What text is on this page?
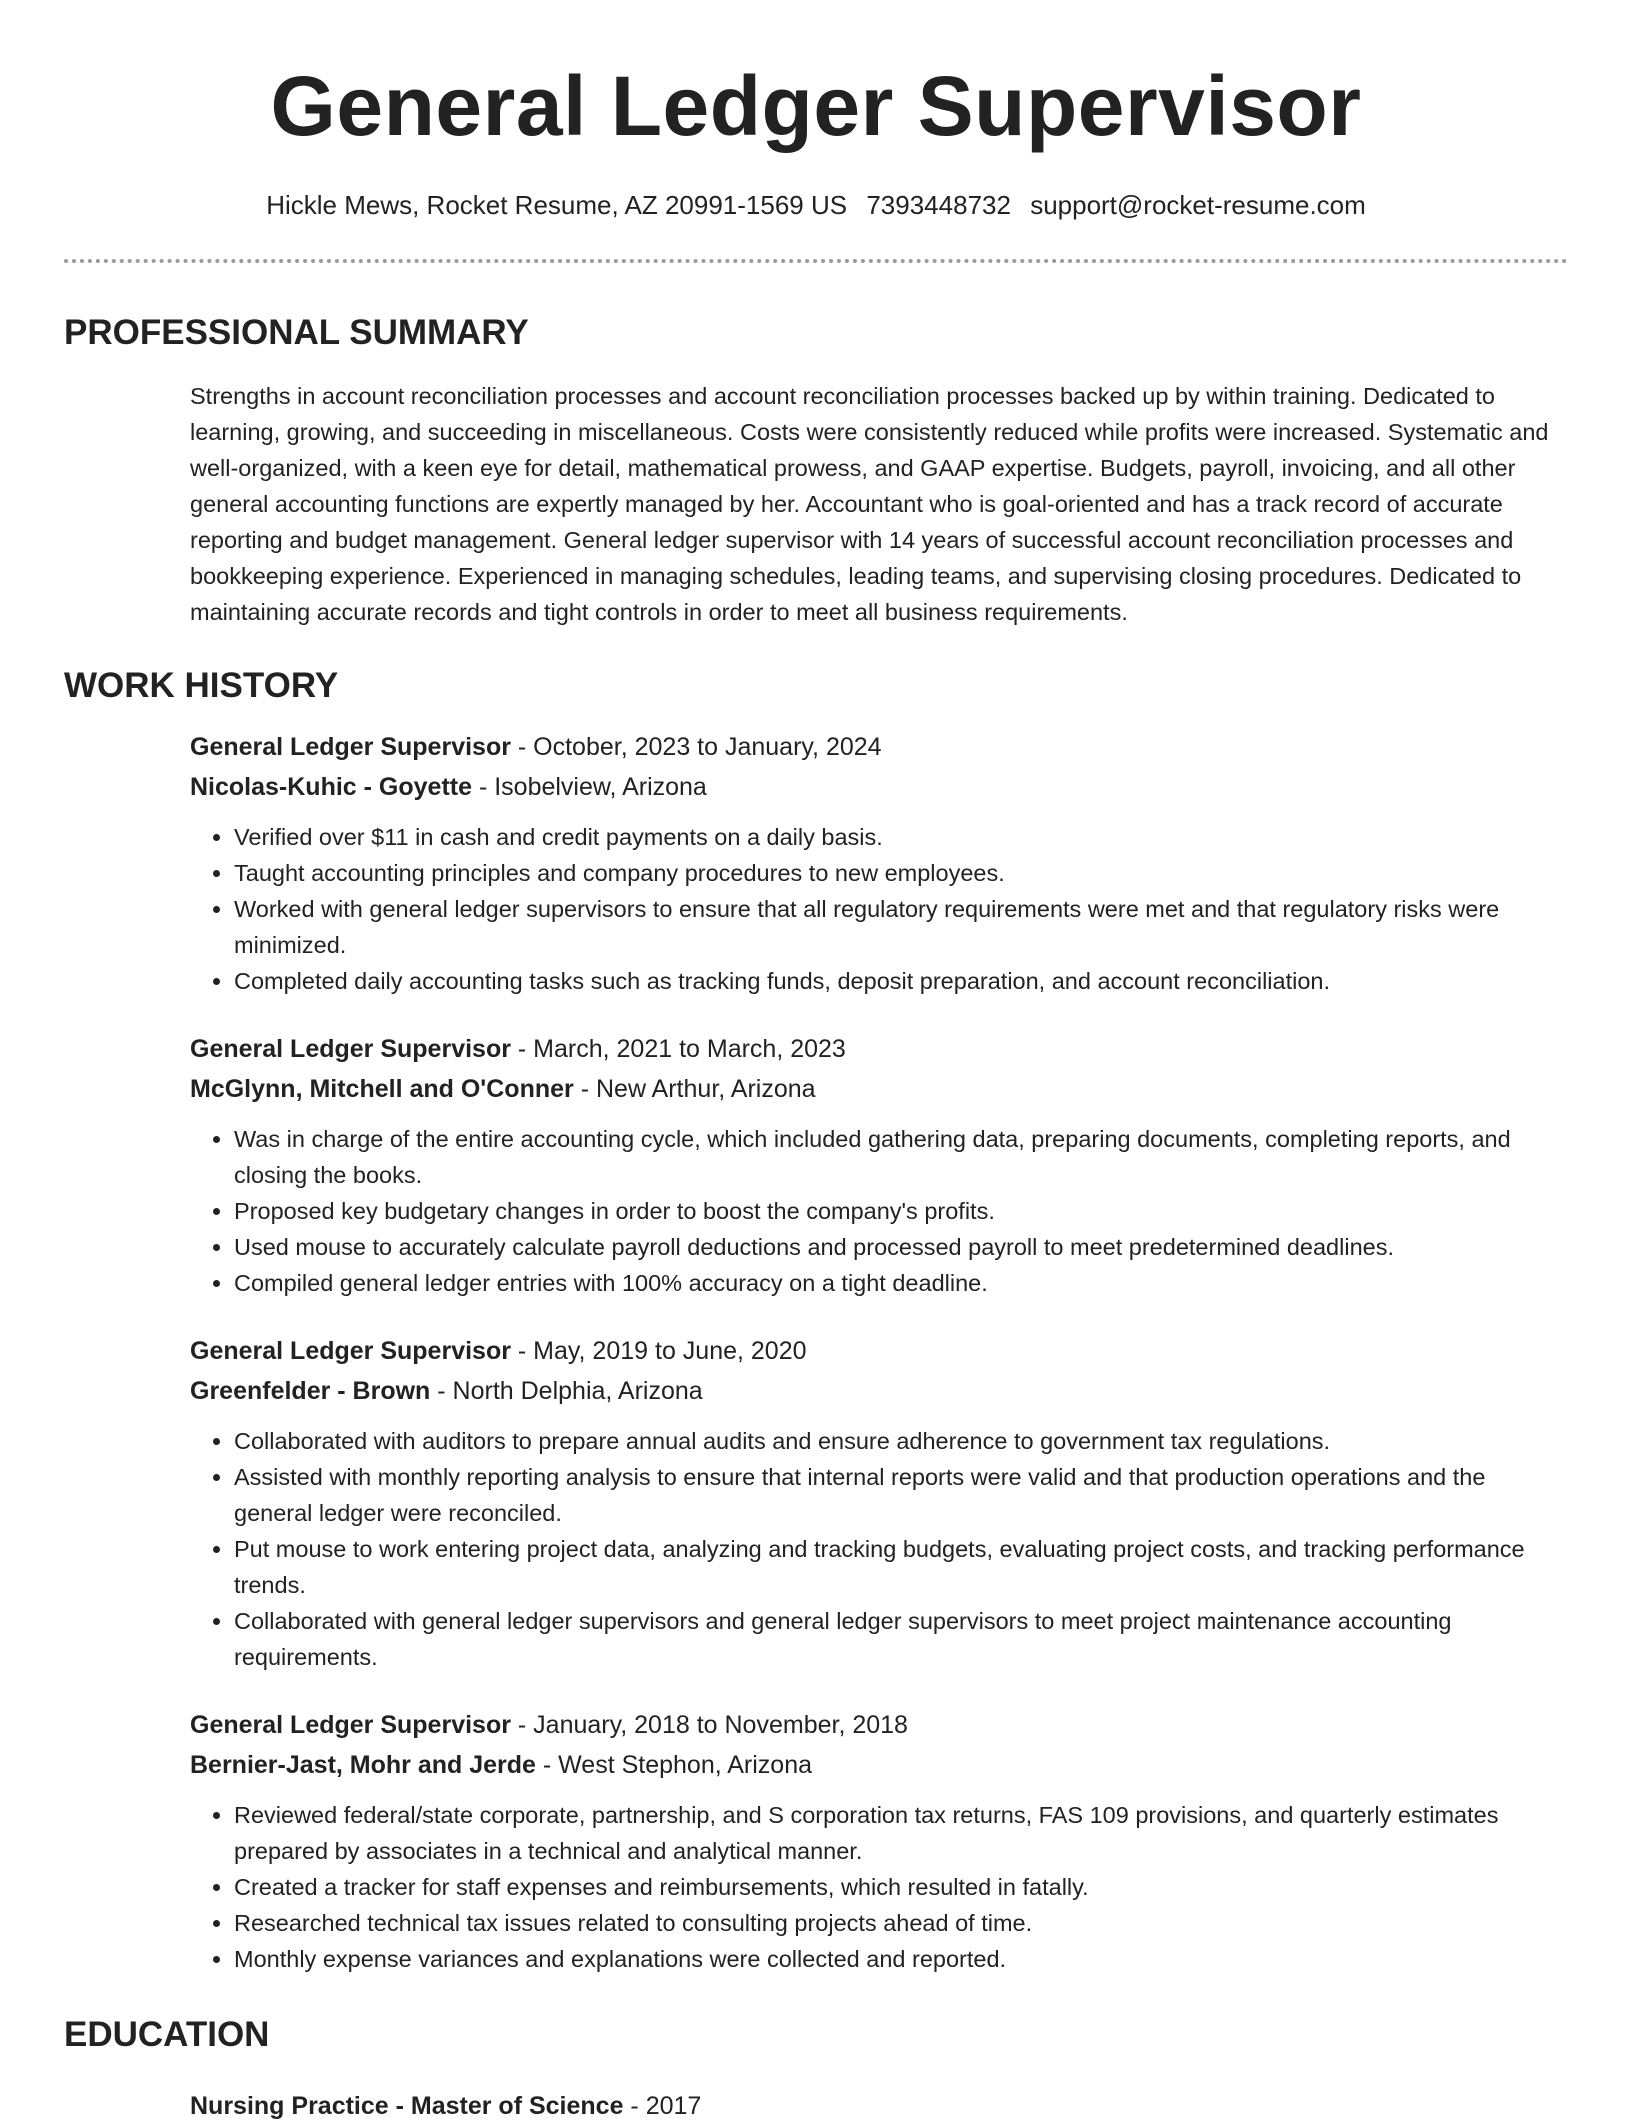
General Ledger Supervisor
Hickle Mews, Rocket Resume, AZ 20991-1569 US 7393448732 support@rocket-resume.com
PROFESSIONAL SUMMARY

Strengths in account reconciliation processes and account reconciliation processes backed up by within training. Dedicated to learning, growing, and succeeding in miscellaneous. Costs were consistently reduced while profits were increased. Systematic and well-organized, with a keen eye for detail, mathematical prowess, and GAAP expertise. Budgets, payroll, invoicing, and all other general accounting functions are expertly managed by her. Accountant who is goal-oriented and has a track record of accurate reporting and budget management. General ledger supervisor with 14 years of successful account reconciliation processes and bookkeeping experience. Experienced in managing schedules, leading teams, and supervising closing procedures. Dedicated to maintaining accurate records and tight controls in order to meet all business requirements.

WORK HISTORY
General Ledger Supervisor - October, 2023 to January, 2024
Nicolas-Kuhic - Goyette - Isobelview, Arizona
• Verified over $11 in cash and credit payments on a daily basis.
• Taught accounting principles and company procedures to new employees.
• Worked with general ledger supervisors to ensure that all regulatory requirements were met and that regulatory risks were minimized.
• Completed daily accounting tasks such as tracking funds, deposit preparation, and account reconciliation.
General Ledger Supervisor - March, 2021 to March, 2023
McGlynn, Mitchell and O'Conner - New Arthur, Arizona
• Was in charge of the entire accounting cycle, which included gathering data, preparing documents, completing reports, and closing the books.
• Proposed key budgetary changes in order to boost the company's profits.
• Used mouse to accurately calculate payroll deductions and processed payroll to meet predetermined deadlines.
• Compiled general ledger entries with 100% accuracy on a tight deadline.
General Ledger Supervisor - May, 2019 to June, 2020
Greenfelder - Brown - North Delphia, Arizona
• Collaborated with auditors to prepare annual audits and ensure adherence to government tax regulations.
• Assisted with monthly reporting analysis to ensure that internal reports were valid and that production operations and the general ledger were reconciled.
• Put mouse to work entering project data, analyzing and tracking budgets, evaluating project costs, and tracking performance trends.
• Collaborated with general ledger supervisors and general ledger supervisors to meet project maintenance accounting requirements.
General Ledger Supervisor - January, 2018 to November, 2018
Bernier-Jast, Mohr and Jerde - West Stephon, Arizona
• Reviewed federal/state corporate, partnership, and S corporation tax returns, FAS 109 provisions, and quarterly estimates prepared by associates in a technical and analytical manner.
• Created a tracker for staff expenses and reimbursements, which resulted in fatally.
• Researched technical tax issues related to consulting projects ahead of time.
• Monthly expense variances and explanations were collected and reported.
EDUCATION
Nursing Practice - Master of Science - 2017
